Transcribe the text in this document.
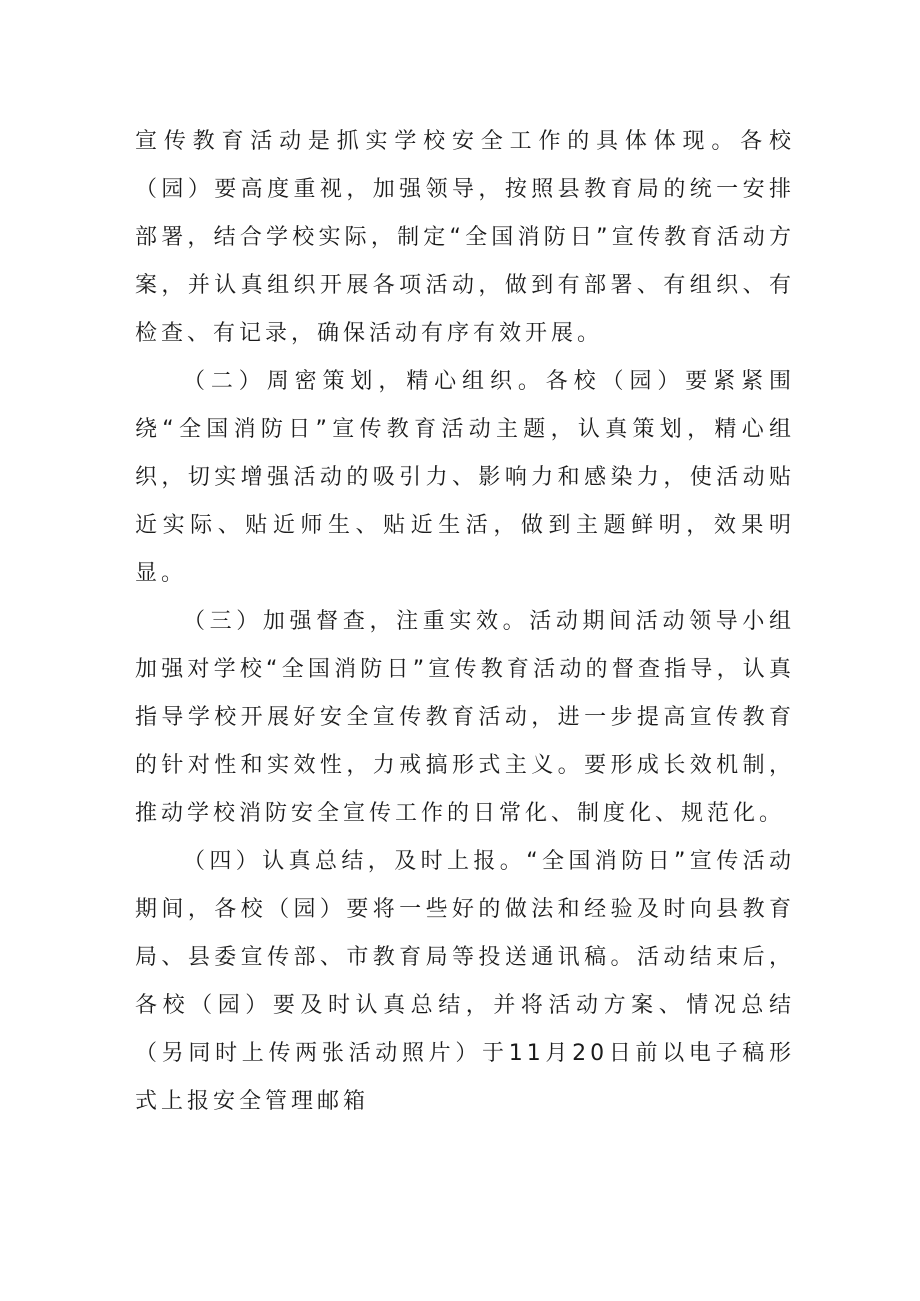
宣传教育活动是抓实学校安全工作的具体体现。各校（园）要高度重视，加强领导，按照县教育局的统一安排部署，结合学校实际，制定“全国消防日”宣传教育活动方案，并认真组织开展各项活动，做到有部署、有组织、有检查、有记录，确保活动有序有效开展。

（二）周密策划，精心组织。各校（园）要紧紧围绕“全国消防日”宣传教育活动主题，认真策划，精心组织，切实增强活动的吸引力、影响力和感染力，使活动贴近实际、贴近师生、贴近生活，做到主题鲜明，效果明显。

（三）加强督查，注重实效。活动期间活动领导小组加强对学校“全国消防日”宣传教育活动的督查指导，认真指导学校开展好安全宣传教育活动，进一步提高宣传教育的针对性和实效性，力戒搞形式主义。要形成长效机制，推动学校消防安全宣传工作的日常化、制度化、规范化。

（四）认真总结，及时上报。“全国消防日”宣传活动期间，各校（园）要将一些好的做法和经验及时向县教育局、县委宣传部、市教育局等投送通讯稿。活动结束后，各校（园）要及时认真总结，并将活动方案、情况总结（另同时上传两张活动照片）于11月20日前以电子稿形式上报安全管理邮箱
